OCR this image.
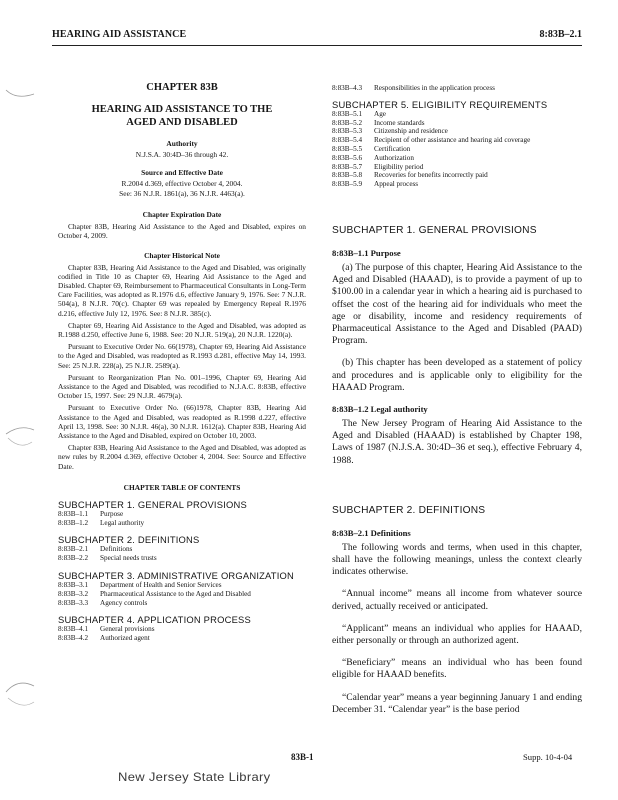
HEARING AID ASSISTANCE	8:83B–2.1
CHAPTER 83B
HEARING AID ASSISTANCE TO THE
AGED AND DISABLED
Authority
N.J.S.A. 30:4D–36 through 42.
Source and Effective Date
R.2004 d.369, effective October 4, 2004.
See: 36 N.J.R. 1861(a), 36 N.J.R. 4463(a).
Chapter Expiration Date
Chapter 83B, Hearing Aid Assistance to the Aged and Disabled, expires on October 4, 2009.
Chapter Historical Note
Chapter 83B, Hearing Aid Assistance to the Aged and Disabled, was originally codified in Title 10 as Chapter 69, Hearing Aid Assistance to the Aged and Disabled. Chapter 69, Reimbursement to Pharmaceutical Consultants in Long-Term Care Facilities, was adopted as R.1976 d.6, effective January 9, 1976. See: 7 N.J.R. 504(a), 8 N.J.R. 70(c). Chapter 69 was repealed by Emergency Repeal R.1976 d.216, effective July 12, 1976. See: 8 N.J.R. 385(c).
Chapter 69, Hearing Aid Assistance to the Aged and Disabled, was adopted as R.1988 d.250, effective June 6, 1988. See: 20 N.J.R. 519(a), 20 N.J.R. 1220(a).
Pursuant to Executive Order No. 66(1978), Chapter 69, Hearing Aid Assistance to the Aged and Disabled, was readopted as R.1993 d.281, effective May 14, 1993. See: 25 N.J.R. 228(a), 25 N.J.R. 2589(a).
Pursuant to Reorganization Plan No. 001–1996, Chapter 69, Hearing Aid Assistance to the Aged and Disabled, was recodified to N.J.A.C. 8:83B, effective October 15, 1997. See: 29 N.J.R. 4679(a).
Pursuant to Executive Order No. (66)1978, Chapter 83B, Hearing Aid Assistance to the Aged and Disabled, was readopted as R.1998 d.227, effective April 13, 1998. See: 30 N.J.R. 46(a), 30 N.J.R. 1612(a). Chapter 83B, Hearing Aid Assistance to the Aged and Disabled, expired on October 10, 2003.
Chapter 83B, Hearing Aid Assistance to the Aged and Disabled, was adopted as new rules by R.2004 d.369, effective October 4, 2004. See: Source and Effective Date.
CHAPTER TABLE OF CONTENTS
SUBCHAPTER 1. GENERAL PROVISIONS
8:83B–1.1	Purpose
8:83B–1.2	Legal authority
SUBCHAPTER 2. DEFINITIONS
8:83B–2.1	Definitions
8:83B–2.2	Special needs trusts
SUBCHAPTER 3. ADMINISTRATIVE ORGANIZATION
8:83B–3.1	Department of Health and Senior Services
8:83B–3.2	Pharmaceutical Assistance to the Aged and Disabled
8:83B–3.3	Agency controls
SUBCHAPTER 4. APPLICATION PROCESS
8:83B–4.1	General provisions
8:83B–4.2	Authorized agent
8:83B–4.3	Responsibilities in the application process
SUBCHAPTER 5. ELIGIBILITY REQUIREMENTS
8:83B–5.1	Age
8:83B–5.2	Income standards
8:83B–5.3	Citizenship and residence
8:83B–5.4	Recipient of other assistance and hearing aid coverage
8:83B–5.5	Certification
8:83B–5.6	Authorization
8:83B–5.7	Eligibility period
8:83B–5.8	Recoveries for benefits incorrectly paid
8:83B–5.9	Appeal process
SUBCHAPTER 1. GENERAL PROVISIONS
8:83B–1.1 Purpose
(a) The purpose of this chapter, Hearing Aid Assistance to the Aged and Disabled (HAAAD), is to provide a payment of up to $100.00 in a calendar year in which a hearing aid is purchased to offset the cost of the hearing aid for individuals who meet the age or disability, income and residency requirements of Pharmaceutical Assistance to the Aged and Disabled (PAAD) Program.
(b) This chapter has been developed as a statement of policy and procedures and is applicable only to eligibility for the HAAAD Program.
8:83B–1.2 Legal authority
The New Jersey Program of Hearing Aid Assistance to the Aged and Disabled (HAAAD) is established by Chapter 198, Laws of 1987 (N.J.S.A. 30:4D–36 et seq.), effective February 4, 1988.
SUBCHAPTER 2. DEFINITIONS
8:83B–2.1 Definitions
The following words and terms, when used in this chapter, shall have the following meanings, unless the context clearly indicates otherwise.
“Annual income” means all income from whatever source derived, actually received or anticipated.
“Applicant” means an individual who applies for HAAAD, either personally or through an authorized agent.
“Beneficiary” means an individual who has been found eligible for HAAAD benefits.
“Calendar year” means a year beginning January 1 and ending December 31. “Calendar year” is the base period
83B-1	Supp. 10-4-04
New Jersey State Library
